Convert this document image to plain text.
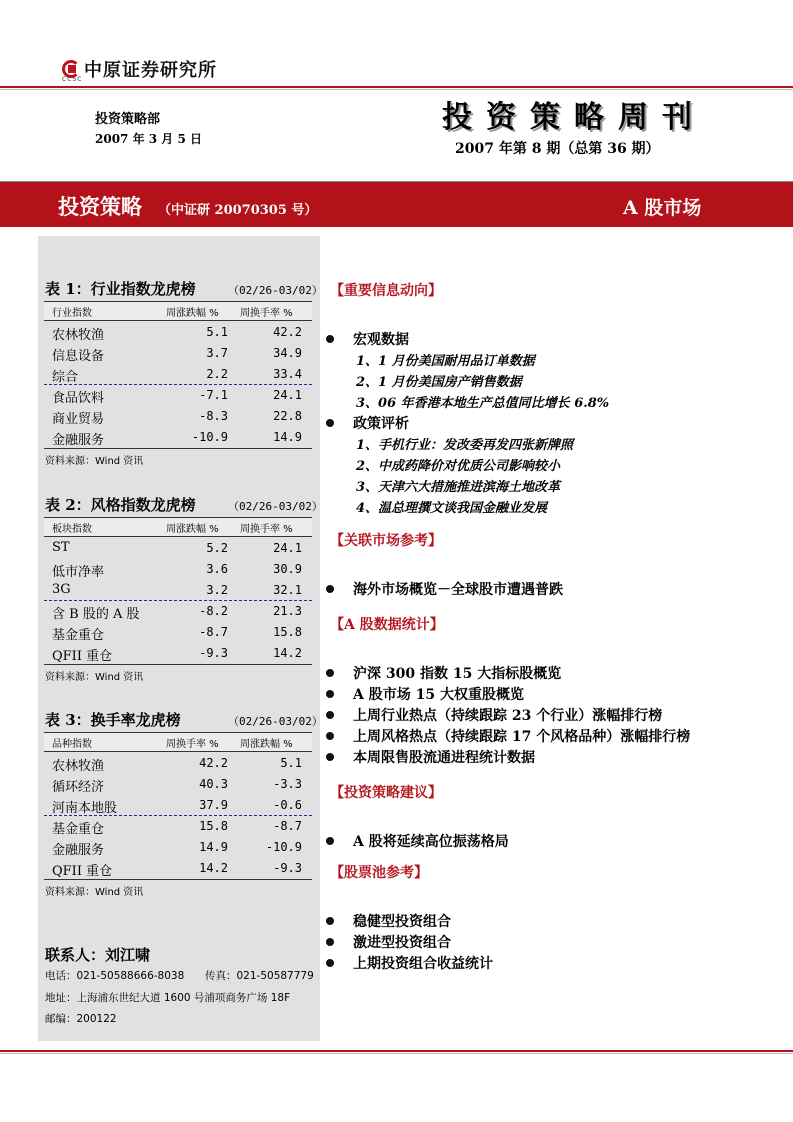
中原证券研究所
CCSC
投资策略部
2007 年 3 月 5 日
投资策略周刊
2007 年第 8 期（总第 36 期）
投资策略 （中证研 20070305 号）	A 股市场
表 1：行业指数龙虎榜	（02/26-03/02）
行业指数	周涨跌幅 % 周换手率 %
农林牧渔	5.1	42.2
信息设备	3.7	34.9
综合	2.2	33.4
食品饮料	-7.1	24.1
商业贸易	-8.3	22.8
金融服务	-10.9	14.9
资料来源：Wind 资讯
表 2：风格指数龙虎榜	（02/26-03/02）
板块指数	周涨跌幅 % 周换手率 %
ST	5.2	24.1
低市净率	3.6	30.9
3G	3.2	32.1
含 B 股的 A 股	-8.2	21.3
基金重仓	-8.7	15.8
QFII 重仓	-9.3	14.2
资料来源：Wind 资讯
表 3：换手率龙虎榜	（02/26-03/02）
品种指数	周换手率 % 周涨跌幅 %
农林牧渔	42.2	5.1
循环经济	40.3	-3.3
河南本地股	37.9	-0.6
基金重仓	15.8	-8.7
金融服务	14.9	-10.9
QFII 重仓	14.2	-9.3
资料来源：Wind 资讯
联系人：刘江啸
电话：021-50588666-8038 传真：021-50587779
地址：上海浦东世纪大道 1600 号浦项商务广场 18F
邮编：200122
【重要信息动向】
宏观数据
1、1 月份美国耐用品订单数据
2、1 月份美国房产销售数据
3、06 年香港本地生产总值同比增长 6.8%
政策评析
1、手机行业：发改委再发四张新牌照
2、中成药降价对优质公司影响较小
3、天津六大措施推进滨海土地改革
4、温总理撰文谈我国金融业发展
【关联市场参考】
海外市场概览－全球股市遭遇普跌
【A 股数据统计】
沪深 300 指数 15 大指标股概览
A 股市场 15 大权重股概览
上周行业热点（持续跟踪 23 个行业）涨幅排行榜
上周风格热点（持续跟踪 17 个风格品种）涨幅排行榜
本周限售股流通进程统计数据
【投资策略建议】
A 股将延续高位振荡格局
【股票池参考】
稳健型投资组合
激进型投资组合
上期投资组合收益统计
